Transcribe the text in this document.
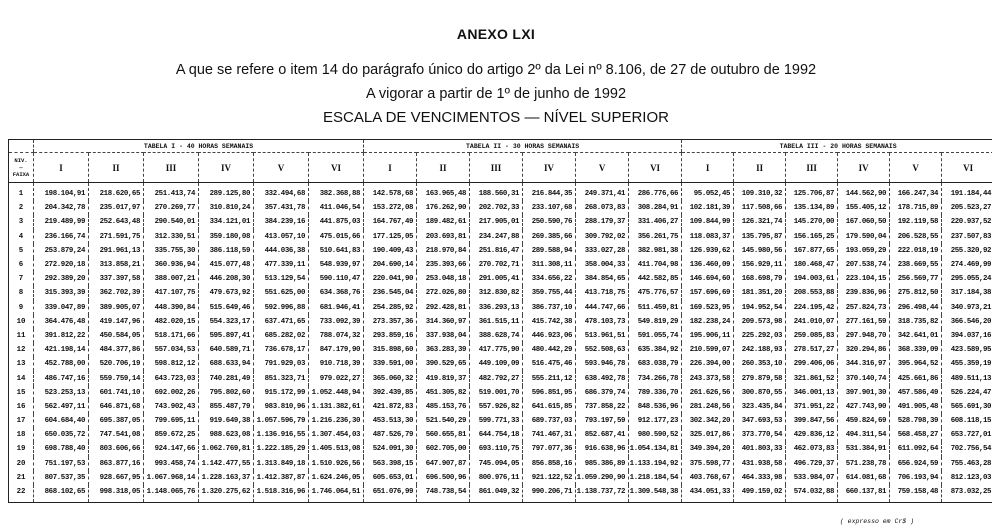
ANEXO LXI
A que se refere o item 14 do parágrafo único do artigo 2º da Lei nº 8.106, de 27 de outubro de 1992
A vigorar a partir de 1º de junho de 1992
ESCALA DE VENCIMENTOS — NÍVEL SUPERIOR
	TABELA I - 40 HORAS SEMANAIS						TABELA II - 30 HORAS SEMANAIS						TABELA III - 20 HORAS SEMANAIS					

NIV.
—
FAIXA	I	II	III	IV	V	VI	I	II	III	IV	V	VI	I	II	III	IV	V	VI
1	198.104,91	218.620,65	251.413,74	289.125,80	332.494,68	382.368,88	142.578,68	163.965,48	188.560,31	216.844,35	249.371,41	286.776,66	95.052,45	109.310,32	125.706,87	144.562,90	166.247,34	191.184,44
2	204.342,78	235.017,97	270.269,77	310.810,24	357.431,78	411.046,54	153.272,08	176.262,90	202.702,33	233.107,68	268.073,83	308.284,91	102.181,39	117.508,66	135.134,89	155.405,12	178.715,89	205.523,27
3	219.489,99	252.643,48	290.540,01	334.121,01	384.239,16	441.875,03	164.767,49	189.482,61	217.905,01	250.590,76	288.179,37	331.406,27	109.844,99	126.321,74	145.270,00	167.060,50	192.119,58	220.937,52
4	236.166,74	271.591,75	312.330,51	359.180,08	413.057,10	475.015,66	177.125,05	203.693,81	234.247,88	269.385,66	309.792,02	356.261,75	118.083,37	135.795,87	156.165,25	179.590,04	206.528,55	237.507,83
5	253.879,24	291.961,13	335.755,30	386.118,59	444.036,38	510.641,83	190.409,43	218.970,84	251.816,47	289.588,94	333.027,28	382.981,38	126.939,62	145.980,56	167.877,65	193.059,29	222.018,19	255.320,92
6	272.920,18	313.858,21	360.936,94	415.077,48	477.339,11	548.939,97	204.690,14	235.393,66	270.702,71	311.308,11	358.004,33	411.704,98	136.460,09	156.929,11	180.468,47	207.538,74	238.669,55	274.469,99
7	292.389,20	337.397,58	388.007,21	446.208,30	513.129,54	590.110,47	220.041,90	253.048,18	291.005,41	334.656,22	384.854,65	442.582,85	146.694,60	168.698,79	194.003,61	223.104,15	256.569,77	295.055,24
8	315.393,39	362.702,39	417.107,75	479.673,92	551.625,00	634.368,76	236.545,04	272.026,80	312.830,82	359.755,44	413.718,75	475.776,57	157.696,69	181.351,20	208.553,88	239.836,96	275.812,50	317.184,38
9	339.047,89	389.905,07	448.390,84	515.649,46	592.996,88	681.946,41	254.285,92	292.428,81	336.293,13	386.737,10	444.747,66	511.459,81	169.523,95	194.952,54	224.195,42	257.824,73	296.498,44	340.973,21
10	364.476,48	419.147,96	482.020,15	554.323,17	637.471,65	733.092,39	273.357,36	314.360,97	361.515,11	415.742,38	478.103,73	549.819,29	182.238,24	209.573,98	241.010,07	277.161,59	318.735,82	366.546,20
11	391.812,22	450.584,05	518.171,66	595.897,41	685.282,02	788.074,32	293.859,16	337.938,04	388.628,74	446.923,06	513.961,51	591.055,74	195.906,11	225.292,03	259.085,83	297.948,70	342.641,01	394.037,16
12	421.198,14	484.377,86	557.034,53	640.589,71	736.678,17	847.179,90	315.898,60	363.283,39	417.775,90	480.442,29	552.508,63	635.384,92	210.599,07	242.188,93	278.517,27	320.294,86	368.339,09	423.589,95
13	452.788,00	520.706,19	598.812,12	688.633,94	791.929,03	910.718,39	339.591,00	390.529,65	449.109,09	516.475,46	593.946,78	683.038,79	226.394,00	260.353,10	299.406,06	344.316,97	395.964,52	455.359,19
14	486.747,16	559.759,14	643.723,03	740.281,49	851.323,71	979.022,27	365.060,32	419.819,37	482.792,27	555.211,12	638.492,78	734.266,78	243.373,58	279.879,58	321.861,52	370.140,74	425.661,86	489.511,13
15	523.253,13	601.741,10	692.002,26	795.802,60	915.172,99	1.052.448,94	392.439,85	451.305,82	519.001,70	596.851,95	686.379,74	789.336,70	261.626,56	300.870,55	346.001,13	397.901,30	457.586,49	526.224,47
16	562.497,11	646.871,68	743.902,43	855.487,79	983.810,96	1.131.382,61	421.872,83	485.153,76	557.926,82	641.615,85	737.858,22	848.536,96	281.248,56	323.435,84	371.951,22	427.743,90	491.905,48	565.691,30
17	604.684,40	695.387,05	799.695,11	919.649,38	1.057.596,79	1.216.236,30	453.513,30	521.540,29	599.771,33	689.737,03	793.197,59	912.177,23	302.342,20	347.693,53	399.847,56	459.824,69	528.798,39	608.118,15
18	650.035,72	747.541,08	859.672,25	988.623,08	1.136.916,55	1.307.454,03	487.526,79	560.655,81	644.754,18	741.467,31	852.687,41	980.590,52	325.017,86	373.770,54	429.836,12	494.311,54	568.458,27	653.727,01
19	698.788,40	803.606,66	924.147,66	1.062.769,81	1.222.185,29	1.405.513,08	524.091,30	602.705,00	693.110,75	797.077,36	916.638,96	1.054.134,81	349.394,20	401.803,33	462.073,83	531.384,91	611.092,64	702.756,54
20	751.197,53	863.877,16	993.458,74	1.142.477,55	1.313.849,18	1.510.926,56	563.398,15	647.907,87	745.094,05	856.858,16	985.386,89	1.133.194,92	375.598,77	431.938,58	496.729,37	571.238,78	656.924,59	755.463,28
21	807.537,35	928.667,95	1.067.968,14	1.228.163,37	1.412.387,87	1.624.246,05	605.653,01	696.500,96	800.976,11	921.122,52	1.059.290,90	1.218.184,54	403.768,67	464.333,98	533.984,07	614.081,68	706.193,94	812.123,03
22	868.102,65	998.318,05	1.148.065,76	1.320.275,62	1.518.316,96	1.746.064,51	651.076,99	748.738,54	861.049,32	990.206,71	1.138.737,72	1.309.548,38	434.051,33	499.159,02	574.032,88	660.137,81	759.158,48	873.032,25
( expresso em Cr$ )
